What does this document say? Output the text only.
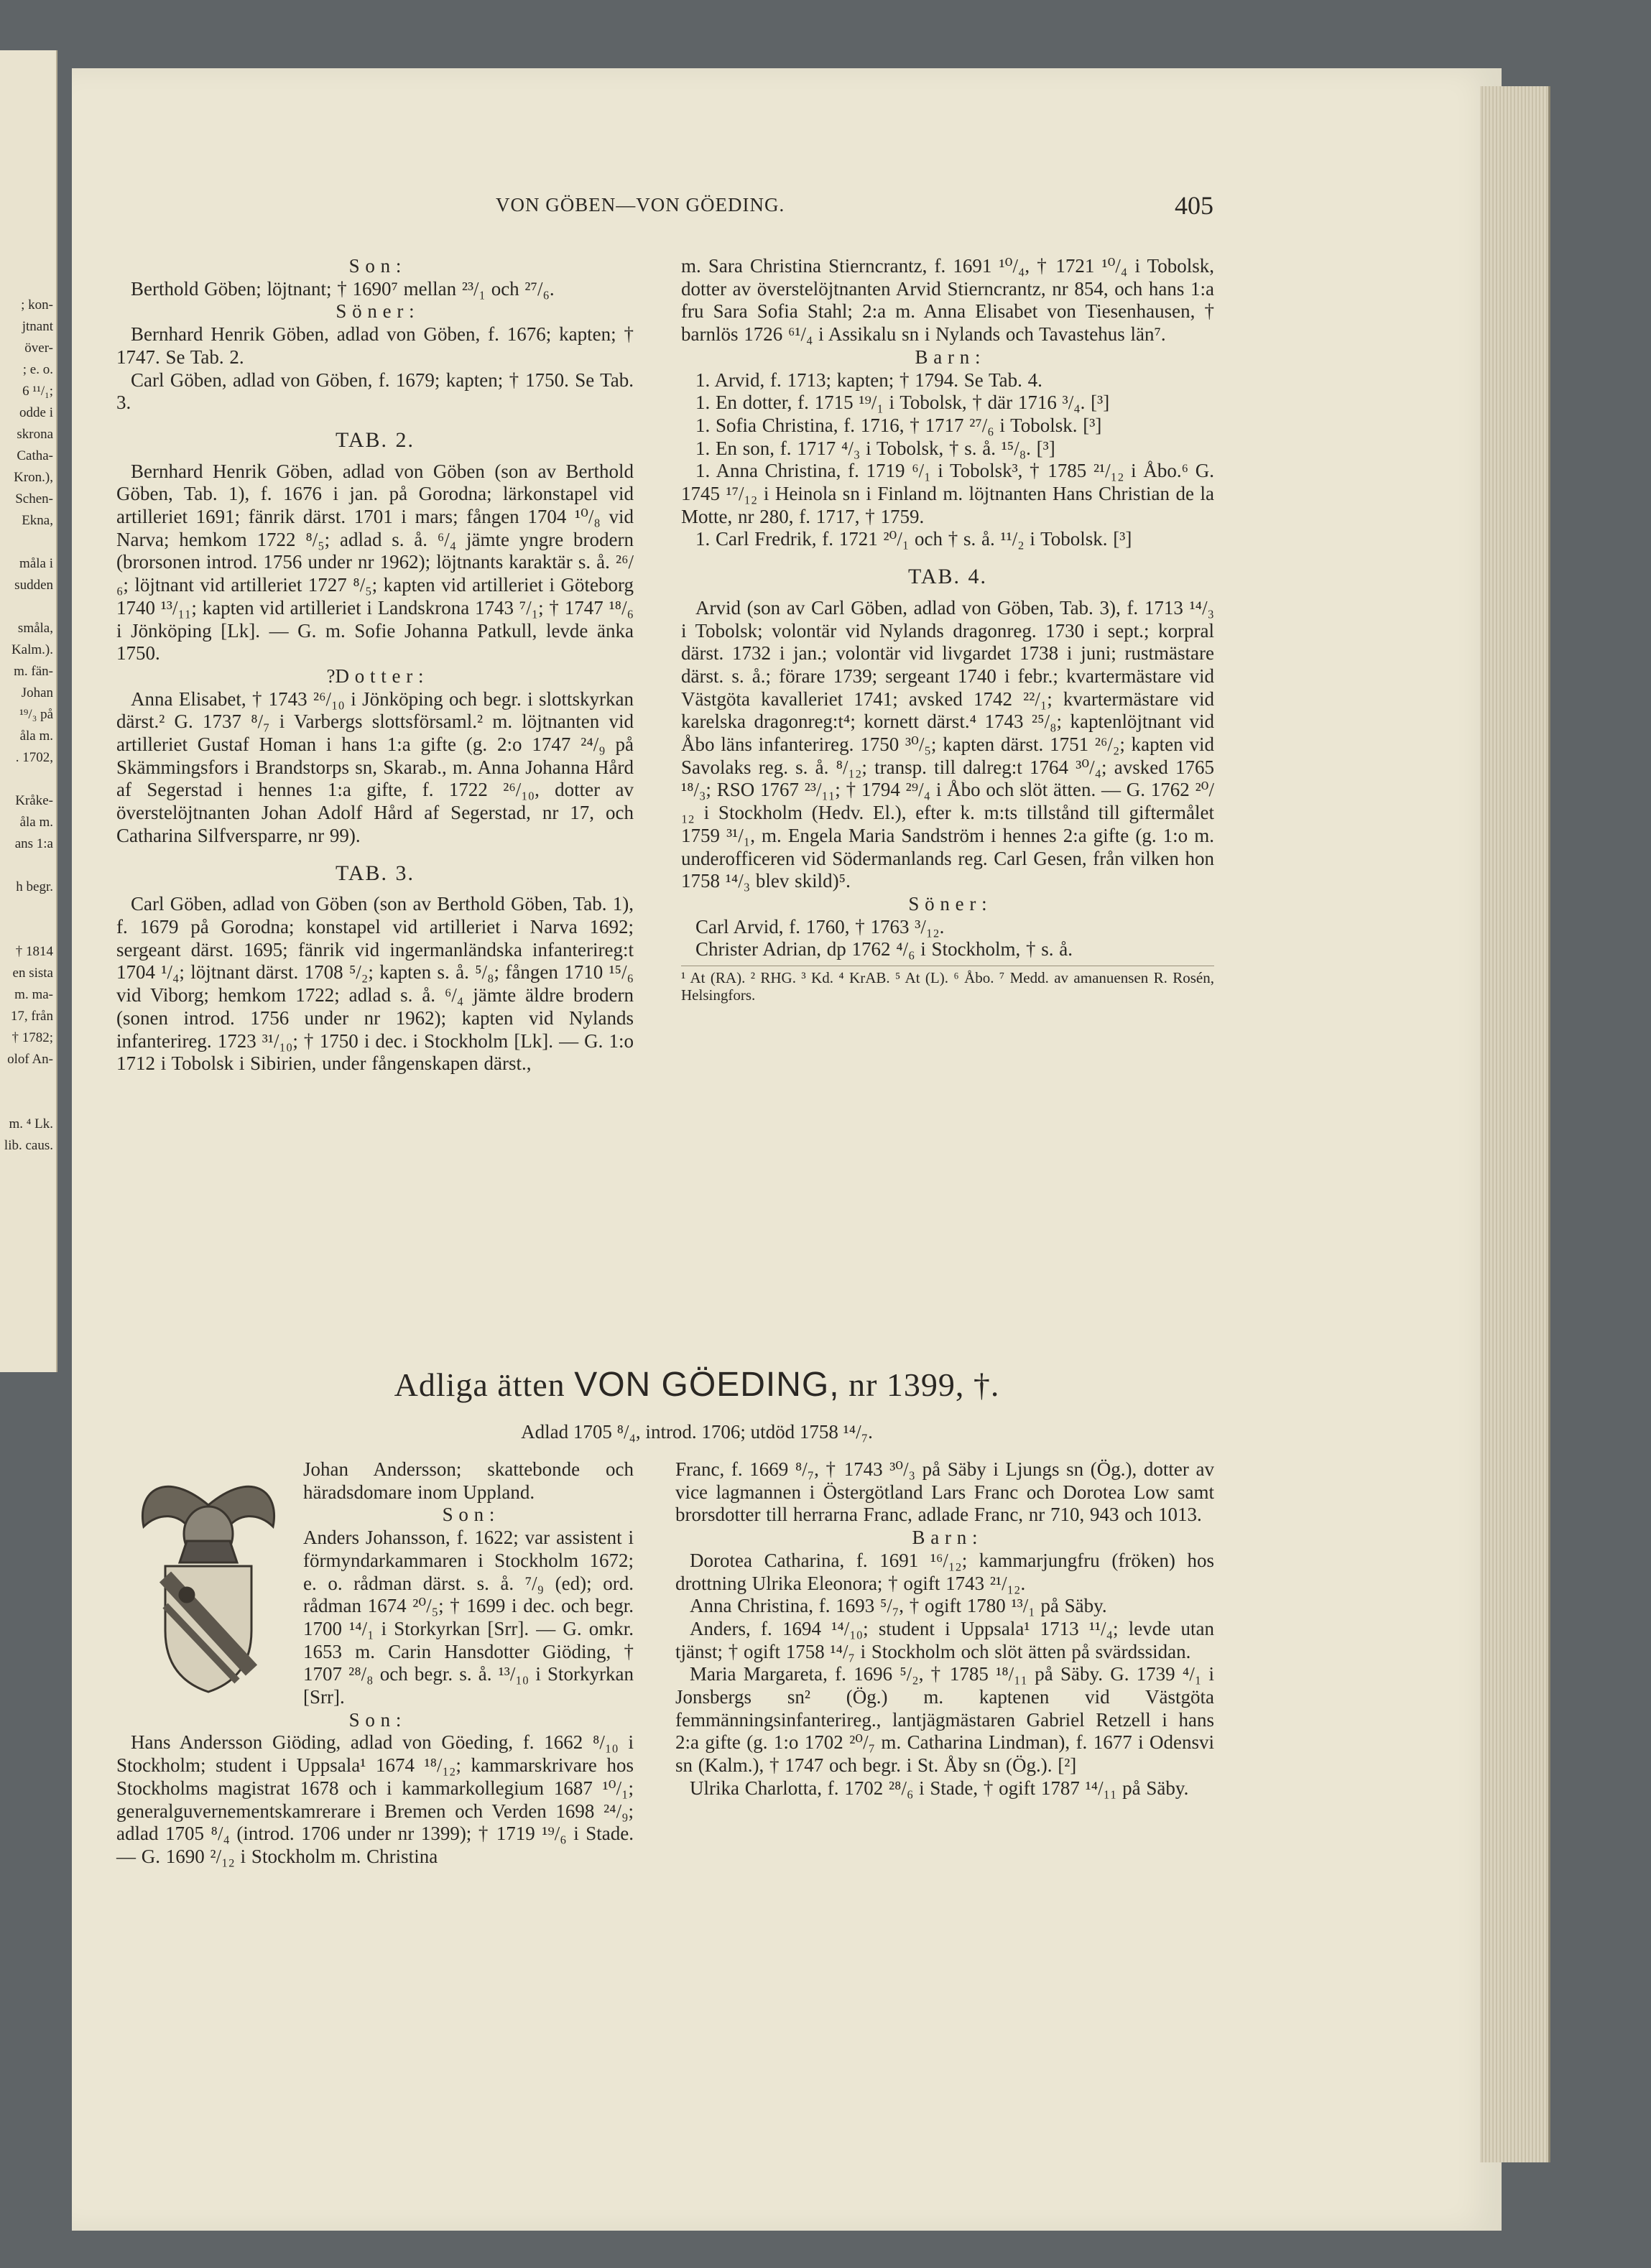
; kon-
jtnant
över-
; e. o.
6 ¹¹/₁;
odde i
skrona
Catha-
Kron.),
Schen-
Ekna,

måla i
sudden

småla,
Kalm.).
m. fän-
Johan
¹⁹/₃ på
åla m.
. 1702,

Kråke-
åla m.
ans 1:a

h begr.

† 1814
en sista
m. ma-
17, från
† 1782;
olof An-

m. ⁴ Lk.
lib. caus.
VON GÖBEN—VON GÖEDING.	405

S o n :

Berthold Göben; löjtnant; † 1690⁷ mellan ²³/₁ och ²⁷/₆.

S ö n e r :

Bernhard Henrik Göben, adlad von Göben, f. 1676; kapten; † 1747. Se Tab. 2.

Carl Göben, adlad von Göben, f. 1679; kapten; † 1750. Se Tab. 3.

TAB. 2.

Bernhard Henrik Göben, adlad von Göben (son av Berthold Göben, Tab. 1), f. 1676 i jan. på Gorodna; lärkonstapel vid artilleriet 1691; fänrik därst. 1701 i mars; fången 1704 ¹⁰/₈ vid Narva; hemkom 1722 ⁸/₅; adlad s. å. ⁶/₄ jämte yngre brodern (brorsonen introd. 1756 under nr 1962); löjtnants karaktär s. å. ²⁶/₆; löjtnant vid artilleriet 1727 ⁸/₅; kapten vid artilleriet i Göteborg 1740 ¹³/₁₁; kapten vid artilleriet i Landskrona 1743 ⁷/₁; † 1747 ¹⁸/₆ i Jönköping [Lk]. — G. m. Sofie Johanna Patkull, levde änka 1750.

?D o t t e r :

Anna Elisabet, † 1743 ²⁶/₁₀ i Jönköping och begr. i slottskyrkan därst.² G. 1737 ⁸/₇ i Varbergs slottsförsaml.² m. löjtnanten vid artilleriet Gustaf Homan i hans 1:a gifte (g. 2:o 1747 ²⁴/₉ på Skämmingsfors i Brandstorps sn, Skarab., m. Anna Johanna Hård af Segerstad i hennes 1:a gifte, f. 1722 ²⁶/₁₀, dotter av överstelöjtnanten Johan Adolf Hård af Segerstad, nr 17, och Catharina Silfversparre, nr 99).

TAB. 3.

Carl Göben, adlad von Göben (son av Berthold Göben, Tab. 1), f. 1679 på Gorodna; konstapel vid artilleriet i Narva 1692; sergeant därst. 1695; fänrik vid ingermanländska infanterireg:t 1704 ¹/₄; löjtnant därst. 1708 ⁵/₂; kapten s. å. ⁵/₈; fången 1710 ¹⁵/₆ vid Viborg; hemkom 1722; adlad s. å. ⁶/₄ jämte äldre brodern (sonen introd. 1756 under nr 1962); kapten vid Nylands infanterireg. 1723 ³¹/₁₀; † 1750 i dec. i Stockholm [Lk]. — G. 1:o 1712 i Tobolsk i Sibirien, under fångenskapen därst.,

m. Sara Christina Stierncrantz, f. 1691 ¹⁰/₄, † 1721 ¹⁰/₄ i Tobolsk, dotter av överstelöjtnanten Arvid Stierncrantz, nr 854, och hans 1:a fru Sara Sofia Stahl; 2:a m. Anna Elisabet von Tiesenhausen, † barnlös 1726 ⁶¹/₄ i Assikalu sn i Nylands och Tavastehus län⁷.

B a r n :

1. Arvid, f. 1713; kapten; † 1794. Se Tab. 4.

1. En dotter, f. 1715 ¹⁹/₁ i Tobolsk, † där 1716 ³/₄. [³]

1. Sofia Christina, f. 1716, † 1717 ²⁷/₆ i Tobolsk. [³]

1. En son, f. 1717 ⁴/₃ i Tobolsk, † s. å. ¹⁵/₈. [³]

1. Anna Christina, f. 1719 ⁶/₁ i Tobolsk³, † 1785 ²¹/₁₂ i Åbo.⁶ G. 1745 ¹⁷/₁₂ i Heinola sn i Finland m. löjtnanten Hans Christian de la Motte, nr 280, f. 1717, † 1759.

1. Carl Fredrik, f. 1721 ²⁰/₁ och † s. å. ¹¹/₂ i Tobolsk. [³]

TAB. 4.

Arvid (son av Carl Göben, adlad von Göben, Tab. 3), f. 1713 ¹⁴/₃ i Tobolsk; volontär vid Nylands dragonreg. 1730 i sept.; korpral därst. 1732 i jan.; volontär vid livgardet 1738 i juni; rustmästare därst. s. å.; förare 1739; sergeant 1740 i febr.; kvartermästare vid Västgöta kavalleriet 1741; avsked 1742 ²²/₁; kvartermästare vid karelska dragonreg:t⁴; kornett därst.⁴ 1743 ²⁵/₈; kaptenlöjtnant vid Åbo läns infanterireg. 1750 ³⁰/₅; kapten därst. 1751 ²⁶/₂; kapten vid Savolaks reg. s. å. ⁸/₁₂; transp. till dalreg:t 1764 ³⁰/₄; avsked 1765 ¹⁸/₃; RSO 1767 ²³/₁₁; † 1794 ²⁹/₄ i Åbo och slöt ätten. — G. 1762 ²⁰/₁₂ i Stockholm (Hedv. El.), efter k. m:ts tillstånd till giftermålet 1759 ³¹/₁, m. Engela Maria Sandström i hennes 2:a gifte (g. 1:o m. underofficeren vid Södermanlands reg. Carl Gesen, från vilken hon 1758 ¹⁴/₃ blev skild)⁵.

S ö n e r :

Carl Arvid, f. 1760, † 1763 ³/₁₂.

Christer Adrian, dp 1762 ⁴/₆ i Stockholm, † s. å.

¹ At (RA). ² RHG. ³ Kd. ⁴ KrAB. ⁵ At (L). ⁶ Åbo. ⁷ Medd. av amanuensen R. Rosén, Helsingfors.

Adliga ätten VON GÖEDING, nr 1399, †.
Adlad 1705 ⁸/₄, introd. 1706; utdöd 1758 ¹⁴/₇.

Johan Andersson; skattebonde och häradsdomare inom Uppland.

S o n :

Anders Johansson, f. 1622; var assistent i förmyndarkammaren i Stockholm 1672; e. o. rådman därst. s. å. ⁷/₉ (ed); ord. rådman 1674 ²⁰/₅; † 1699 i dec. och begr. 1700 ¹⁴/₁ i Storkyrkan [Srr]. — G. omkr. 1653 m. Carin Hansdotter Giöding, † 1707 ²⁸/₈ och begr. s. å. ¹³/₁₀ i Storkyrkan [Srr].

S o n :

Hans Andersson Giöding, adlad von Göeding, f. 1662 ⁸/₁₀ i Stockholm; student i Uppsala¹ 1674 ¹⁸/₁₂; kammarskrivare hos Stockholms magistrat 1678 och i kammarkollegium 1687 ¹⁰/₁; generalguvernementskamrerare i Bremen och Verden 1698 ²⁴/₉; adlad 1705 ⁸/₄ (introd. 1706 under nr 1399); † 1719 ¹⁹/₆ i Stade. — G. 1690 ²/₁₂ i Stockholm m. Christina

Franc, f. 1669 ⁸/₇, † 1743 ³⁰/₃ på Säby i Ljungs sn (Ög.), dotter av vice lagmannen i Östergötland Lars Franc och Dorotea Low samt brorsdotter till herrarna Franc, adlade Franc, nr 710, 943 och 1013.

B a r n :

Dorotea Catharina, f. 1691 ¹⁶/₁₂; kammarjungfru (fröken) hos drottning Ulrika Eleonora; † ogift 1743 ²¹/₁₂.

Anna Christina, f. 1693 ⁵/₇, † ogift 1780 ¹³/₁ på Säby.

Anders, f. 1694 ¹⁴/₁₀; student i Uppsala¹ 1713 ¹¹/₄; levde utan tjänst; † ogift 1758 ¹⁴/₇ i Stockholm och slöt ätten på svärdssidan.

Maria Margareta, f. 1696 ⁵/₂, † 1785 ¹⁸/₁₁ på Säby. G. 1739 ⁴/₁ i Jonsbergs sn² (Ög.) m. kaptenen vid Västgöta femmänningsinfanterireg., lantjägmästaren Gabriel Retzell i hans 2:a gifte (g. 1:o 1702 ²⁰/₇ m. Catharina Lindman), f. 1677 i Odensvi sn (Kalm.), † 1747 och begr. i St. Åby sn (Ög.). [²]

Ulrika Charlotta, f. 1702 ²⁸/₆ i Stade, † ogift 1787 ¹⁴/₁₁ på Säby.
